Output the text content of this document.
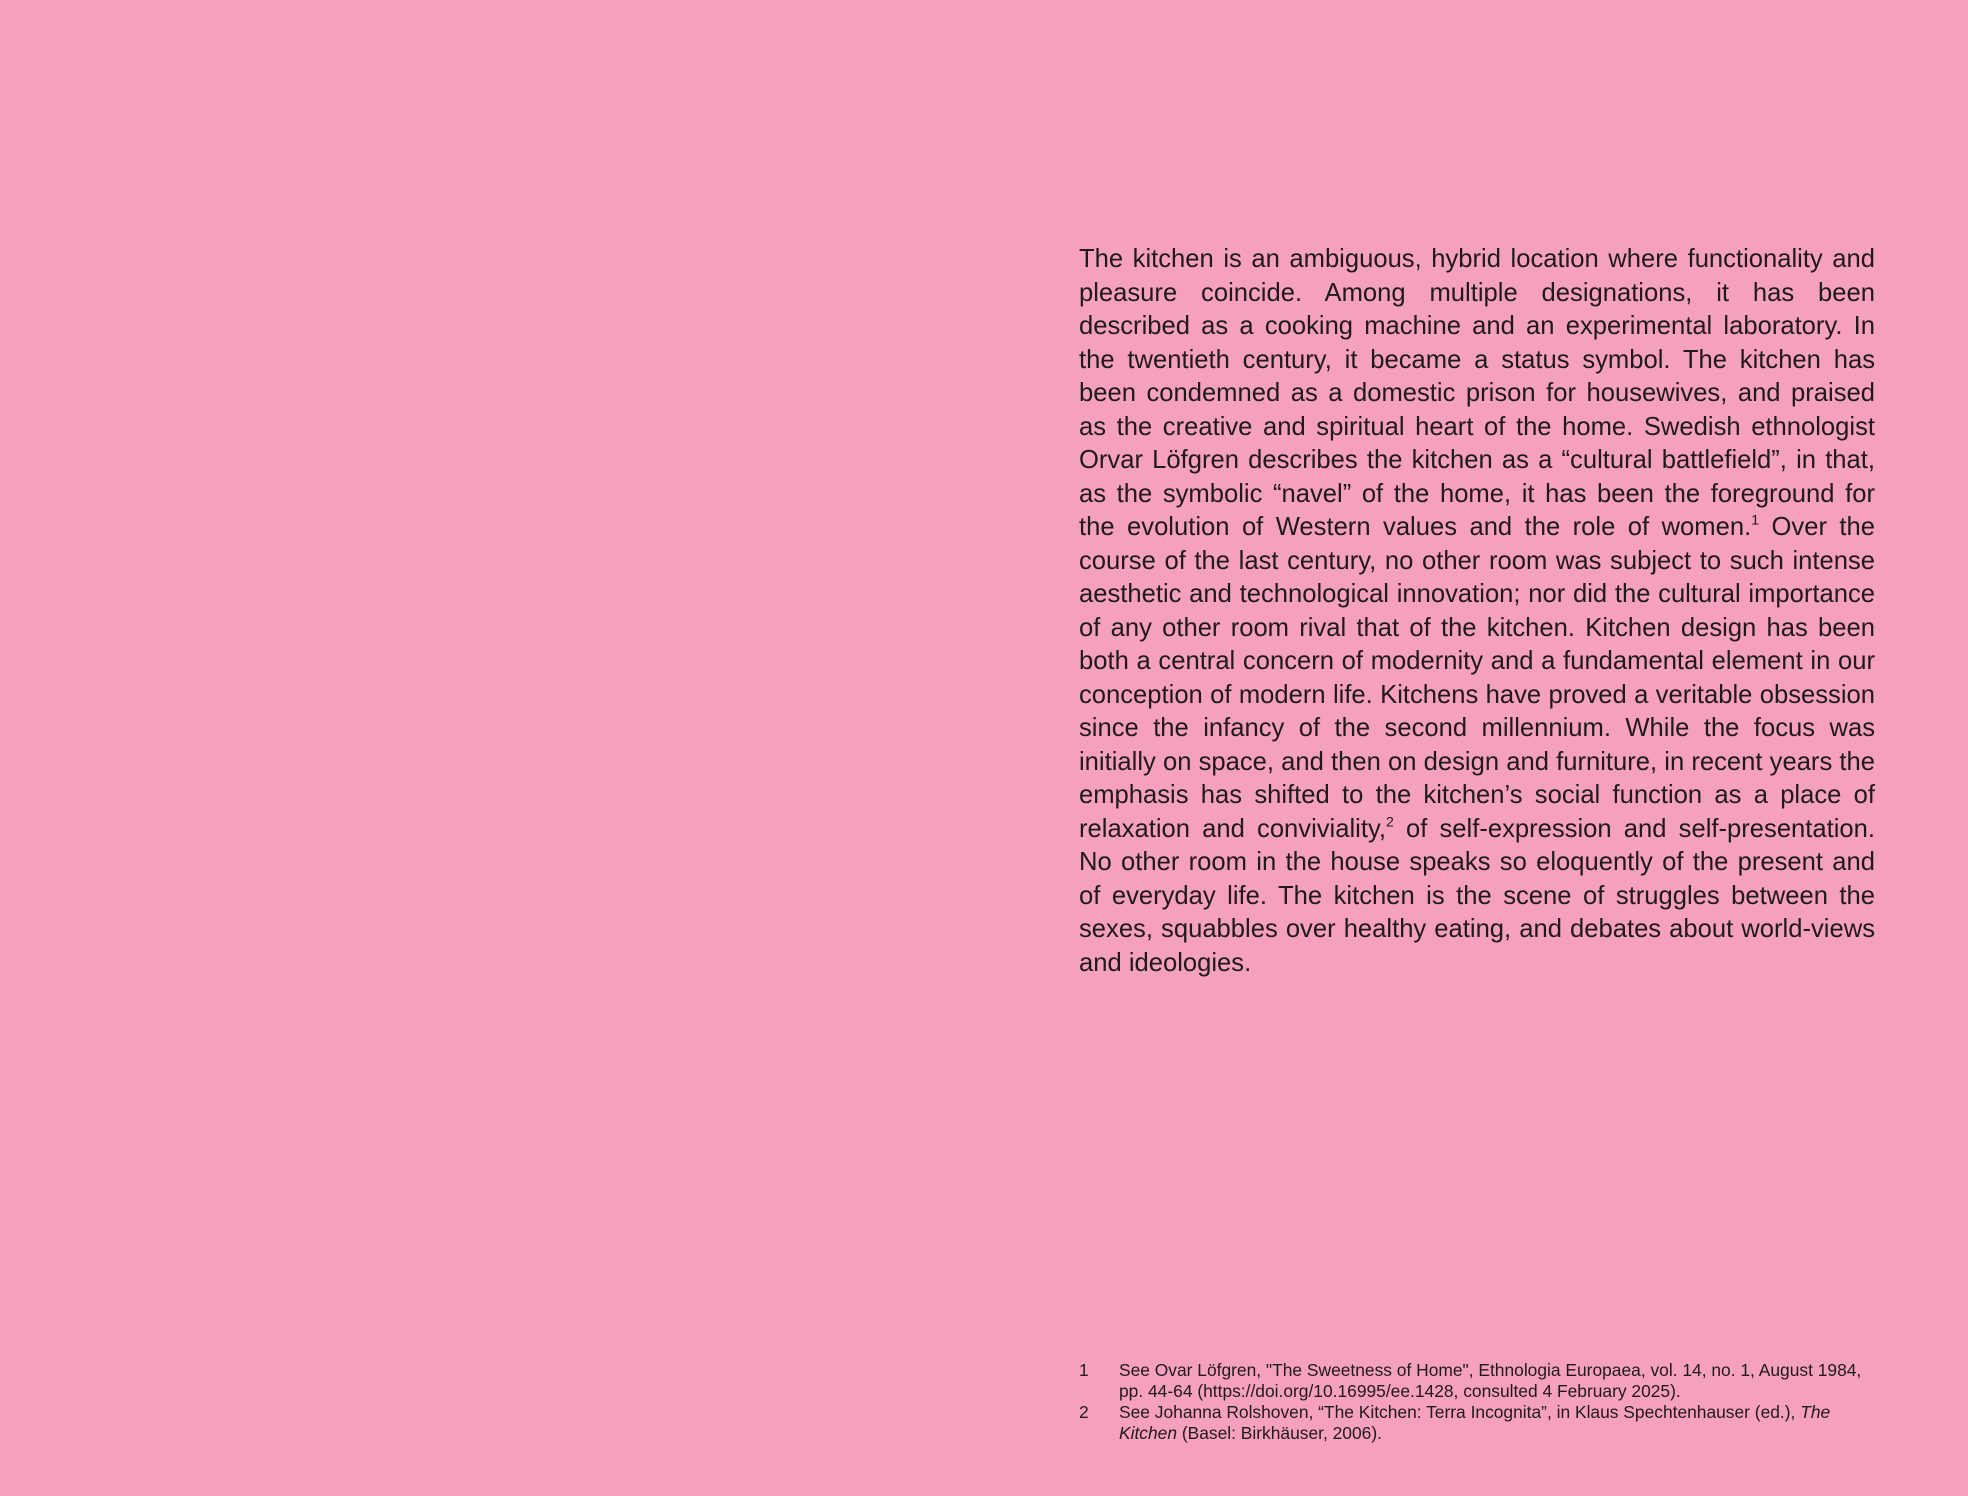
The kitchen is an ambiguous, hybrid location where functionality and pleasure coincide. Among multiple designations, it has been described as a cooking machine and an experimental laboratory. In the twentieth century, it became a status symbol. The kitchen has been condemned as a domestic prison for housewives, and praised as the creative and spiritual heart of the home. Swedish ethnologist Orvar Löfgren describes the kitchen as a “cultural battlefield”, in that, as the symbolic “navel” of the home, it has been the foreground for the evolution of Western values and the role of women.$^1$ Over the course of the last century, no other room was subject to such intense aesthetic and technological innovation; nor did the cultural importance of any other room rival that of the kitchen. Kitchen design has been both a central concern of modernity and a fundamental element in our conception of modern life. Kitchens have proved a veritable obsession since the infancy of the second millennium. While the focus was initially on space, and then on design and furniture, in recent years the emphasis has shifted to the kitchen’s social function as a place of relaxation and conviviality,$^2$ of self-expression and self-presentation. No other room in the house speaks so eloquently of the present and of everyday life. The kitchen is the scene of struggles between the sexes, squabbles over healthy eating, and debates about world-views and ideologies.

1	See Ovar Löfgren, "The Sweetness of Home", Ethnologia Europaea, vol. 14, no. 1, August 1984, pp. 44-64 (https://doi.org/10.16995/ee.1428, consulted 4 February 2025).
2	See Johanna Rolshoven, “The Kitchen: Terra Incognita”, in Klaus Spechtenhauser (ed.), The Kitchen (Basel: Birkhäuser, 2006).
